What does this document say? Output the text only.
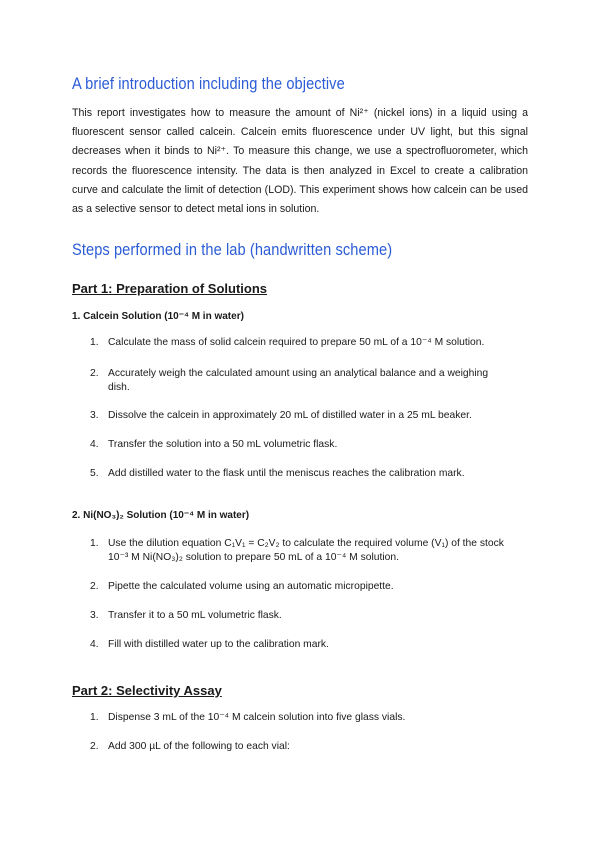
A brief introduction including the objective

This report investigates how to measure the amount of Ni²⁺ (nickel ions) in a liquid using a fluorescent sensor called calcein. Calcein emits fluorescence under UV light, but this signal decreases when it binds to Ni²⁺. To measure this change, we use a spectrofluorometer, which records the fluorescence intensity. The data is then analyzed in Excel to create a calibration curve and calculate the limit of detection (LOD). This experiment shows how calcein can be used as a selective sensor to detect metal ions in solution.

Steps performed in the lab (handwritten scheme)
Part 1: Preparation of Solutions
1. Calcein Solution (10⁻⁴ M in water)
1. Calculate the mass of solid calcein required to prepare 50 mL of a 10⁻⁴ M solution.
2. Accurately weigh the calculated amount using an analytical balance and a weighing dish.
3. Dissolve the calcein in approximately 20 mL of distilled water in a 25 mL beaker.
4. Transfer the solution into a 50 mL volumetric flask.
5. Add distilled water to the flask until the meniscus reaches the calibration mark.
2. Ni(NO₃)₂ Solution (10⁻⁴ M in water)
1. Use the dilution equation C₁V₁ = C₂V₂ to calculate the required volume (V₁) of the stock 10⁻³ M Ni(NO₃)₂ solution to prepare 50 mL of a 10⁻⁴ M solution.
2. Pipette the calculated volume using an automatic micropipette.
3. Transfer it to a 50 mL volumetric flask.
4. Fill with distilled water up to the calibration mark.
Part 2: Selectivity Assay
1. Dispense 3 mL of the 10⁻⁴ M calcein solution into five glass vials.
2. Add 300 µL of the following to each vial:
